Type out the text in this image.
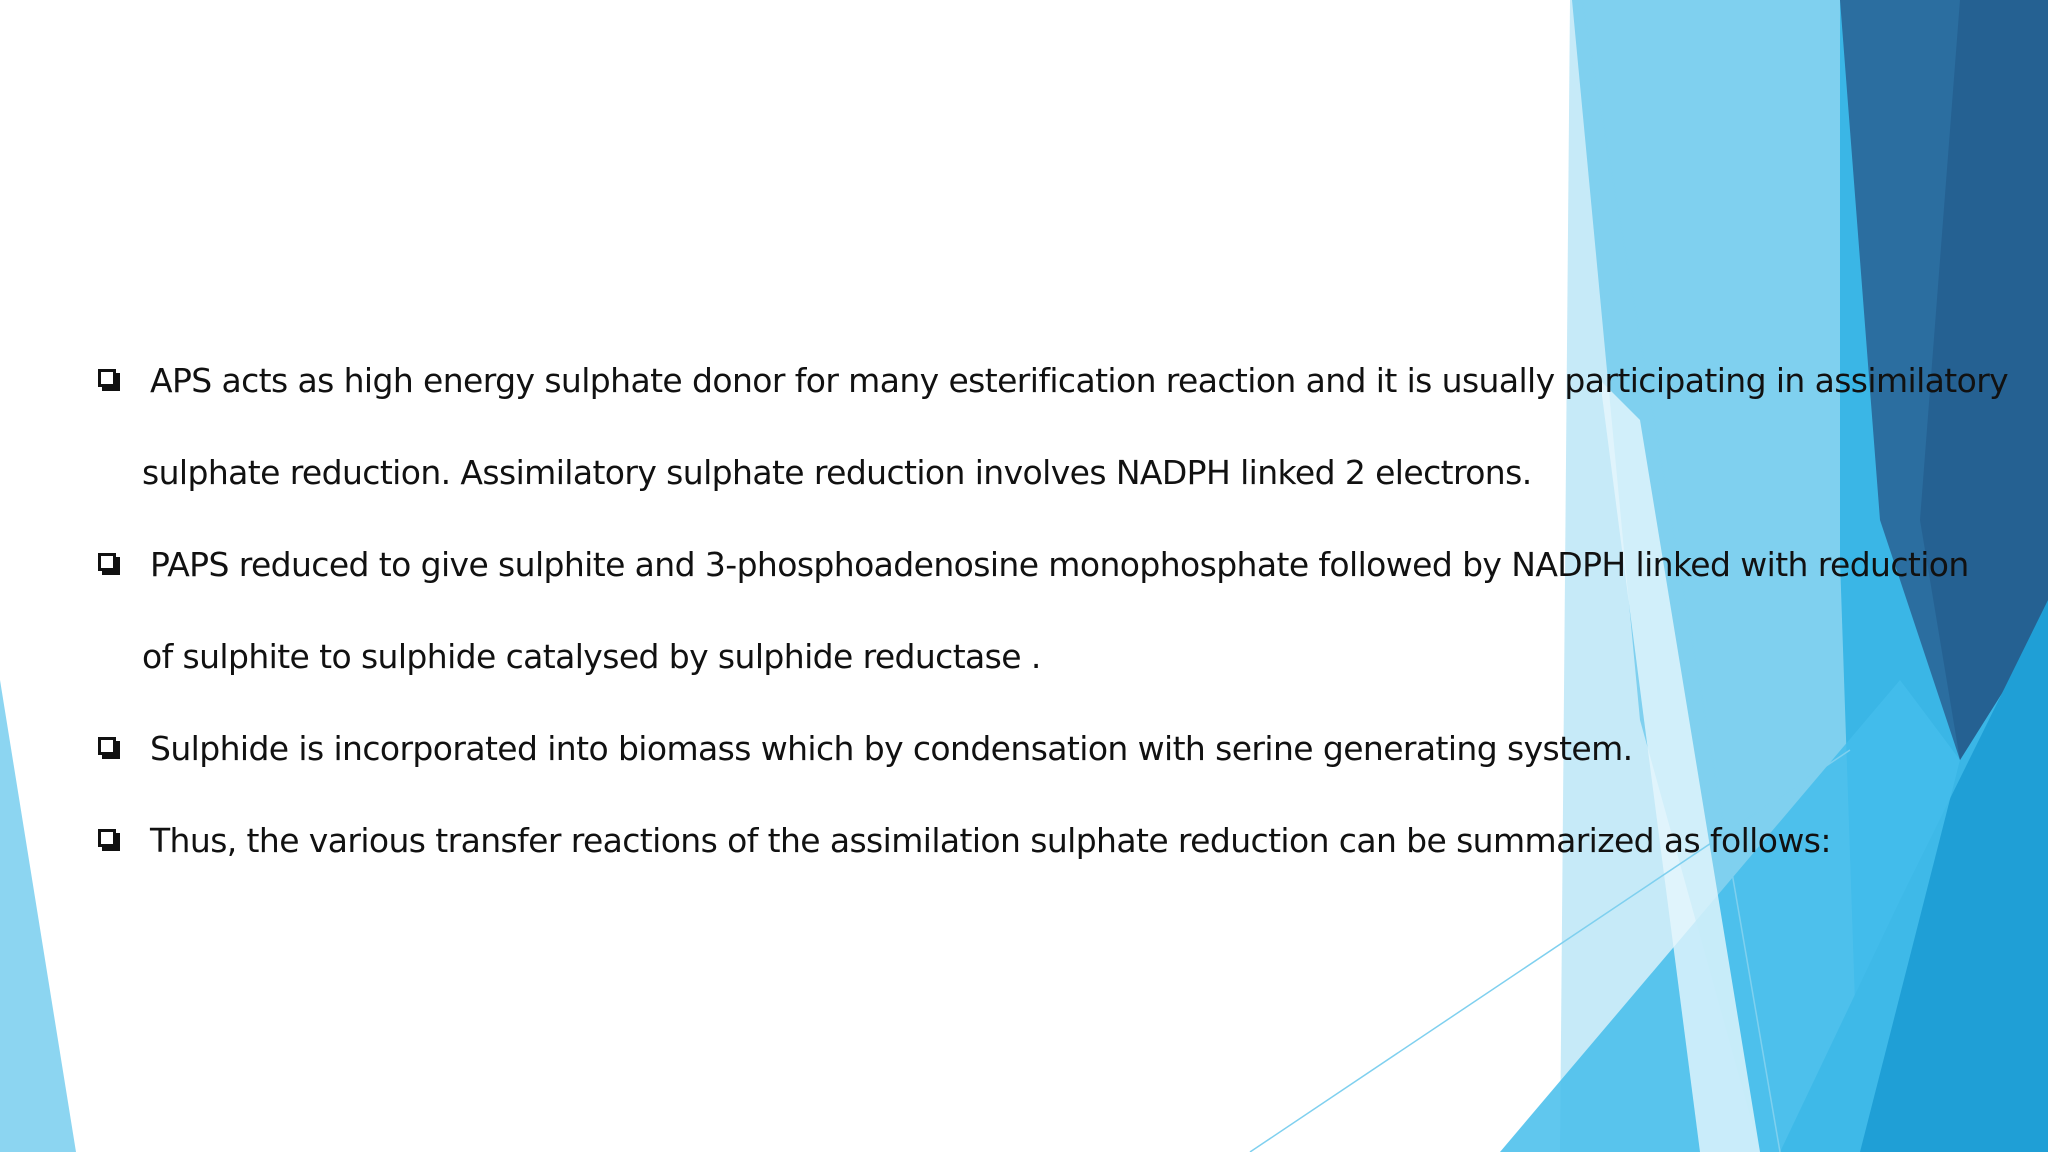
APS acts as high energy sulphate donor for many esterification reaction and it is usually participating in assimilatory
sulphate reduction. Assimilatory sulphate reduction involves NADPH linked 2 electrons.
PAPS reduced to give sulphite and 3-phosphoadenosine monophosphate followed by NADPH linked with reduction
of sulphite to sulphide catalysed by sulphide reductase .
Sulphide is incorporated into biomass which by condensation with serine generating system.
Thus, the various transfer reactions of the assimilation sulphate reduction can be summarized as follows:
